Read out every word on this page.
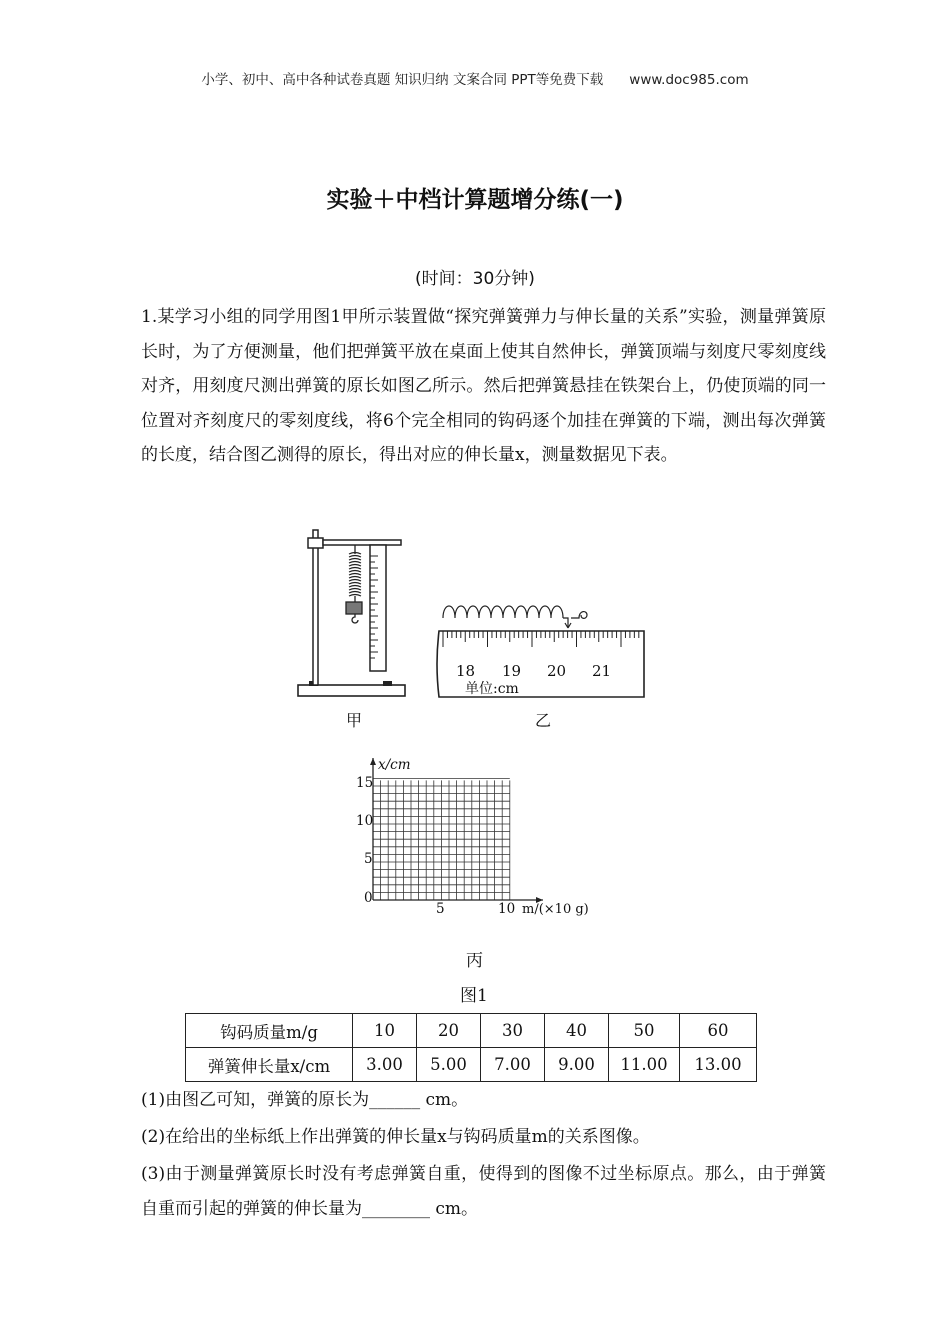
小学、初中、高中各种试卷真题 知识归纳 文案合同 PPT等免费下载 www.doc985.com
实验＋中档计算题增分练(一)
(时间：30分钟)
1.某学习小组的同学用图1甲所示装置做“探究弹簧弹力与伸长量的关系”实验，测量弹簧原长时，为了方便测量，他们把弹簧平放在桌面上使其自然伸长，弹簧顶端与刻度尺零刻度线对齐，用刻度尺测出弹簧的原长如图乙所示。然后把弹簧悬挂在铁架台上，仍使顶端的同一位置对齐刻度尺的零刻度线，将6个完全相同的钩码逐个加挂在弹簧的下端，测出每次弹簧的长度，结合图乙测得的原长，得出对应的伸长量x，测量数据见下表。
甲
18 19 20 21
单位:cm
乙
x/cm
15
10
5
0
5	10 m/(×10 g)
丙
图1
钩码质量m/g	10	20	30	40	50	60
弹簧伸长量x/cm	3.00	5.00	7.00	9.00	11.00	13.00
(1)由图乙可知，弹簧的原长为______ cm。
(2)在给出的坐标纸上作出弹簧的伸长量x与钩码质量m的关系图像。
(3)由于测量弹簧原长时没有考虑弹簧自重，使得到的图像不过坐标原点。那么，由于弹簧自重而引起的弹簧的伸长量为________ cm。
